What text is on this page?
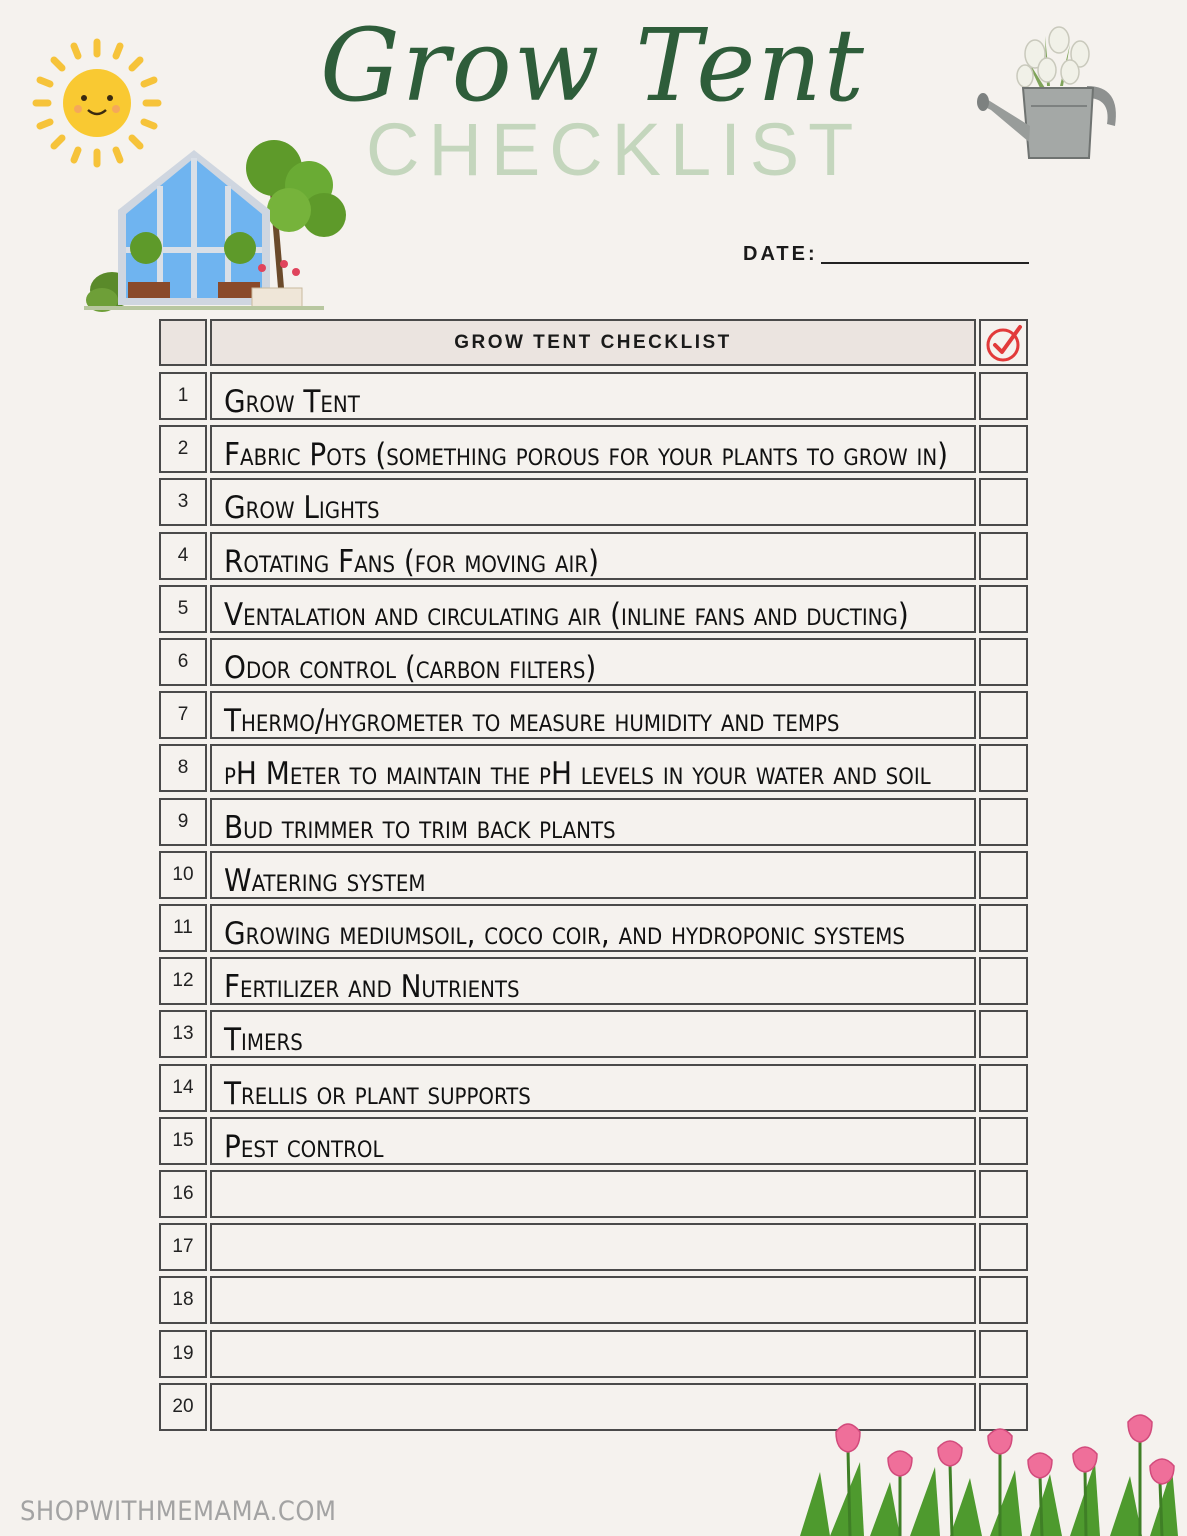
Grow Tent
CHECKLIST
DATE:
GROW TENT CHECKLIST
1	Grow Tent
2	Fabric Pots (something porous for your plants to grow in)
3	Grow Lights
4	Rotating Fans (for moving air)
5	Ventalation and circulating air (inline fans and ducting)
6	Odor control (carbon filters)
7	Thermo/hygrometer to measure humidity and temps
8	pH Meter to maintain the pH levels in your water and soil
9	Bud trimmer to trim back plants
10 Watering system
11	Growing mediumsoil, coco coir, and hydroponic systems
12 Fertilizer and Nutrients
13 Timers
14 Trellis or plant supports
15 Pest control
16
17
18
19
20
SHOPWITHMEMAMA.COM
